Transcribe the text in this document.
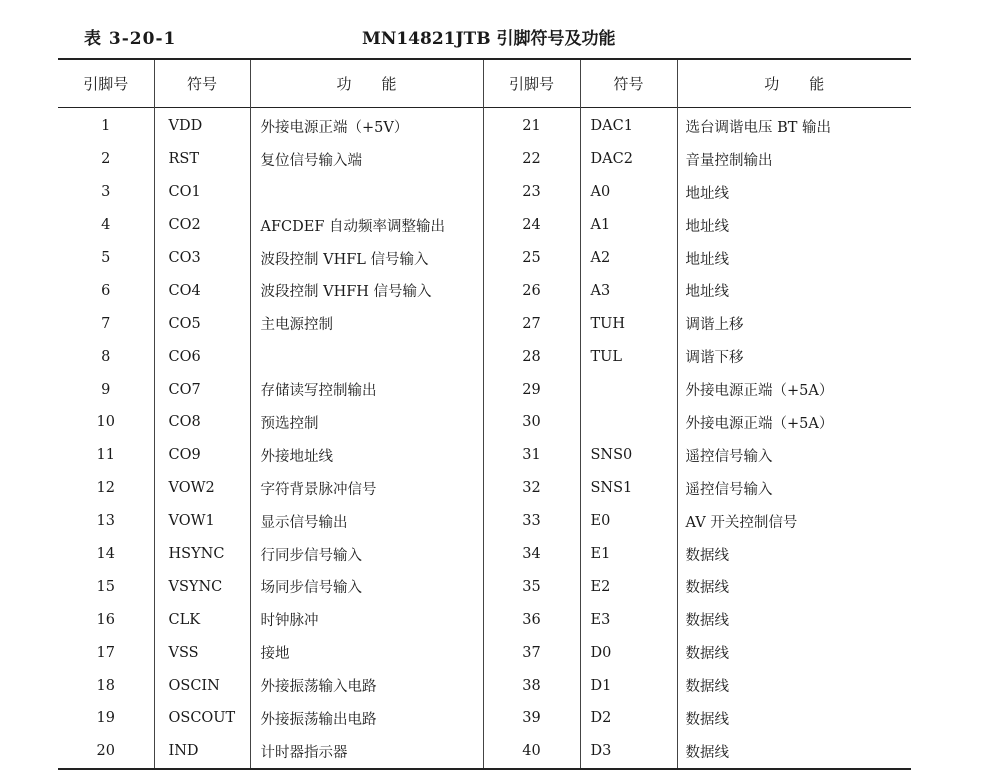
表 3-20-1	MN14821JTB 引脚符号及功能
引脚号	符号	功　　能	引脚号	符号	功　　能
1	VDD	外接电源正端（+5V）	21	DAC1	选台调谐电压 BT 输出
2	RST	复位信号输入端	22	DAC2	音量控制输出
3	CO1		23	A0	地址线
4	CO2	AFCDEF 自动频率调整输出	24	A1	地址线
5	CO3	波段控制 VHFL 信号输入	25	A2	地址线
6	CO4	波段控制 VHFH 信号输入	26	A3	地址线
7	CO5	主电源控制	27	TUH	调谐上移
8	CO6		28	TUL	调谐下移
9	CO7	存储读写控制输出	29		外接电源正端（+5A）
10	CO8	预选控制	30		外接电源正端（+5A）
11	CO9	外接地址线	31	SNS0	遥控信号输入
12	VOW2	字符背景脉冲信号	32	SNS1	遥控信号输入
13	VOW1	显示信号输出	33	E0	AV 开关控制信号
14	HSYNC	行同步信号输入	34	E1	数据线
15	VSYNC	场同步信号输入	35	E2	数据线
16	CLK	时钟脉冲	36	E3	数据线
17	VSS	接地	37	D0	数据线
18	OSCIN	外接振荡输入电路	38	D1	数据线
19	OSCOUT	外接振荡输出电路	39	D2	数据线
20	IND	计时器指示器	40	D3	数据线
